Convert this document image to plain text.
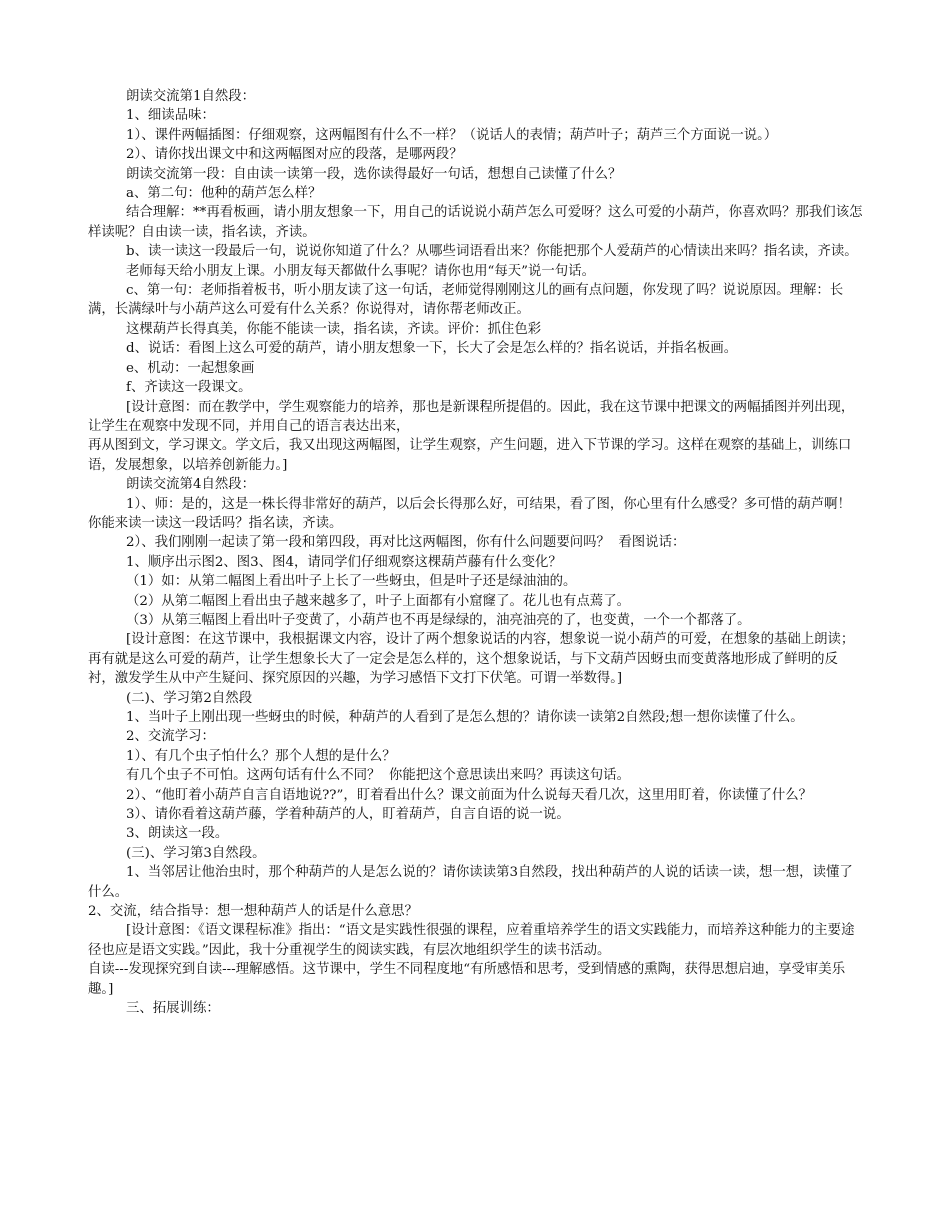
朗读交流第1自然段：

1、细读品味：

1）、课件两幅插图：仔细观察，这两幅图有什么不一样？（说话人的表情；葫芦叶子；葫芦三个方面说一说。）

2）、请你找出课文中和这两幅图对应的段落，是哪两段？

朗读交流第一段：自由读一读第一段，选你读得最好一句话，想想自己读懂了什么？

a、第二句：他种的葫芦怎么样？

结合理解：**再看板画，请小朋友想象一下，用自己的话说说小葫芦怎么可爱呀？这么可爱的小葫芦，你喜欢吗？那我们该怎样读呢？自由读一读，指名读，齐读。

b、读一读这一段最后一句，说说你知道了什么？从哪些词语看出来？你能把那个人爱葫芦的心情读出来吗？指名读，齐读。

老师每天给小朋友上课。小朋友每天都做什么事呢？请你也用“每天”说一句话。

c、第一句：老师指着板书，听小朋友读了这一句话，老师觉得刚刚这儿的画有点问题，你发现了吗？说说原因。理解：长满，长满绿叶与小葫芦这么可爱有什么关系？你说得对，请你帮老师改正。

这棵葫芦长得真美，你能不能读一读，指名读，齐读。评价：抓住色彩

d、说话：看图上这么可爱的葫芦，请小朋友想象一下，长大了会是怎么样的？指名说话，并指名板画。

e、机动：一起想象画

f、齐读这一段课文。

[设计意图：而在教学中，学生观察能力的培养，那也是新课程所提倡的。因此，我在这节课中把课文的两幅插图并列出现，让学生在观察中发现不同，并用自己的语言表达出来，

再从图到文，学习课文。学文后，我又出现这两幅图，让学生观察，产生问题，进入下节课的学习。这样在观察的基础上，训练口语，发展想象，以培养创新能力。]

朗读交流第4自然段：

1）、师：是的，这是一株长得非常好的葫芦，以后会长得那么好，可结果，看了图，你心里有什么感受？多可惜的葫芦啊！你能来读一读这一段话吗？指名读，齐读。

2）、我们刚刚一起读了第一段和第四段，再对比这两幅图，你有什么问题要问吗？  看图说话：

1、顺序出示图2、图3、图4，请同学们仔细观察这棵葫芦藤有什么变化？

（1）如：从第二幅图上看出叶子上长了一些蚜虫，但是叶子还是绿油油的。

（2）从第二幅图上看出虫子越来越多了，叶子上面都有小窟窿了。花儿也有点蔫了。

（3）从第三幅图上看出叶子变黄了，小葫芦也不再是绿绿的，油亮油亮的了，也变黄，一个一个都落了。

[设计意图：在这节课中，我根据课文内容，设计了两个想象说话的内容，想象说一说小葫芦的可爱，在想象的基础上朗读；再有就是这么可爱的葫芦，让学生想象长大了一定会是怎么样的，这个想象说话，与下文葫芦因蚜虫而变黄落地形成了鲜明的反衬，激发学生从中产生疑问、探究原因的兴趣，为学习感悟下文打下伏笔。可谓一举数得。]

(二)、学习第2自然段

1、当叶子上刚出现一些蚜虫的时候，种葫芦的人看到了是怎么想的？请你读一读第2自然段;想一想你读懂了什么。

2、交流学习：

1）、有几个虫子怕什么？那个人想的是什么？

有几个虫子不可怕。这两句话有什么不同？  你能把这个意思读出来吗？再读这句话。

2）、“他盯着小葫芦自言自语地说??”，盯着看出什么？课文前面为什么说每天看几次，这里用盯着，你读懂了什么？

3）、请你看着这葫芦藤，学着种葫芦的人，盯着葫芦，自言自语的说一说。

3、朗读这一段。

(三)、学习第3自然段。

1、当邻居让他治虫时，那个种葫芦的人是怎么说的？请你读读第3自然段，找出种葫芦的人说的话读一读，想一想，读懂了什么。

2、交流，结合指导：想一想种葫芦人的话是什么意思？

[设计意图：《语文课程标准》指出：“语文是实践性很强的课程，应着重培养学生的语文实践能力，而培养这种能力的主要途径也应是语文实践。”因此，我十分重视学生的阅读实践，有层次地组织学生的读书活动。

自读---发现探究到自读---理解感悟。这节课中，学生不同程度地“有所感悟和思考，受到情感的熏陶，获得思想启迪，享受审美乐趣。]

三、拓展训练：
